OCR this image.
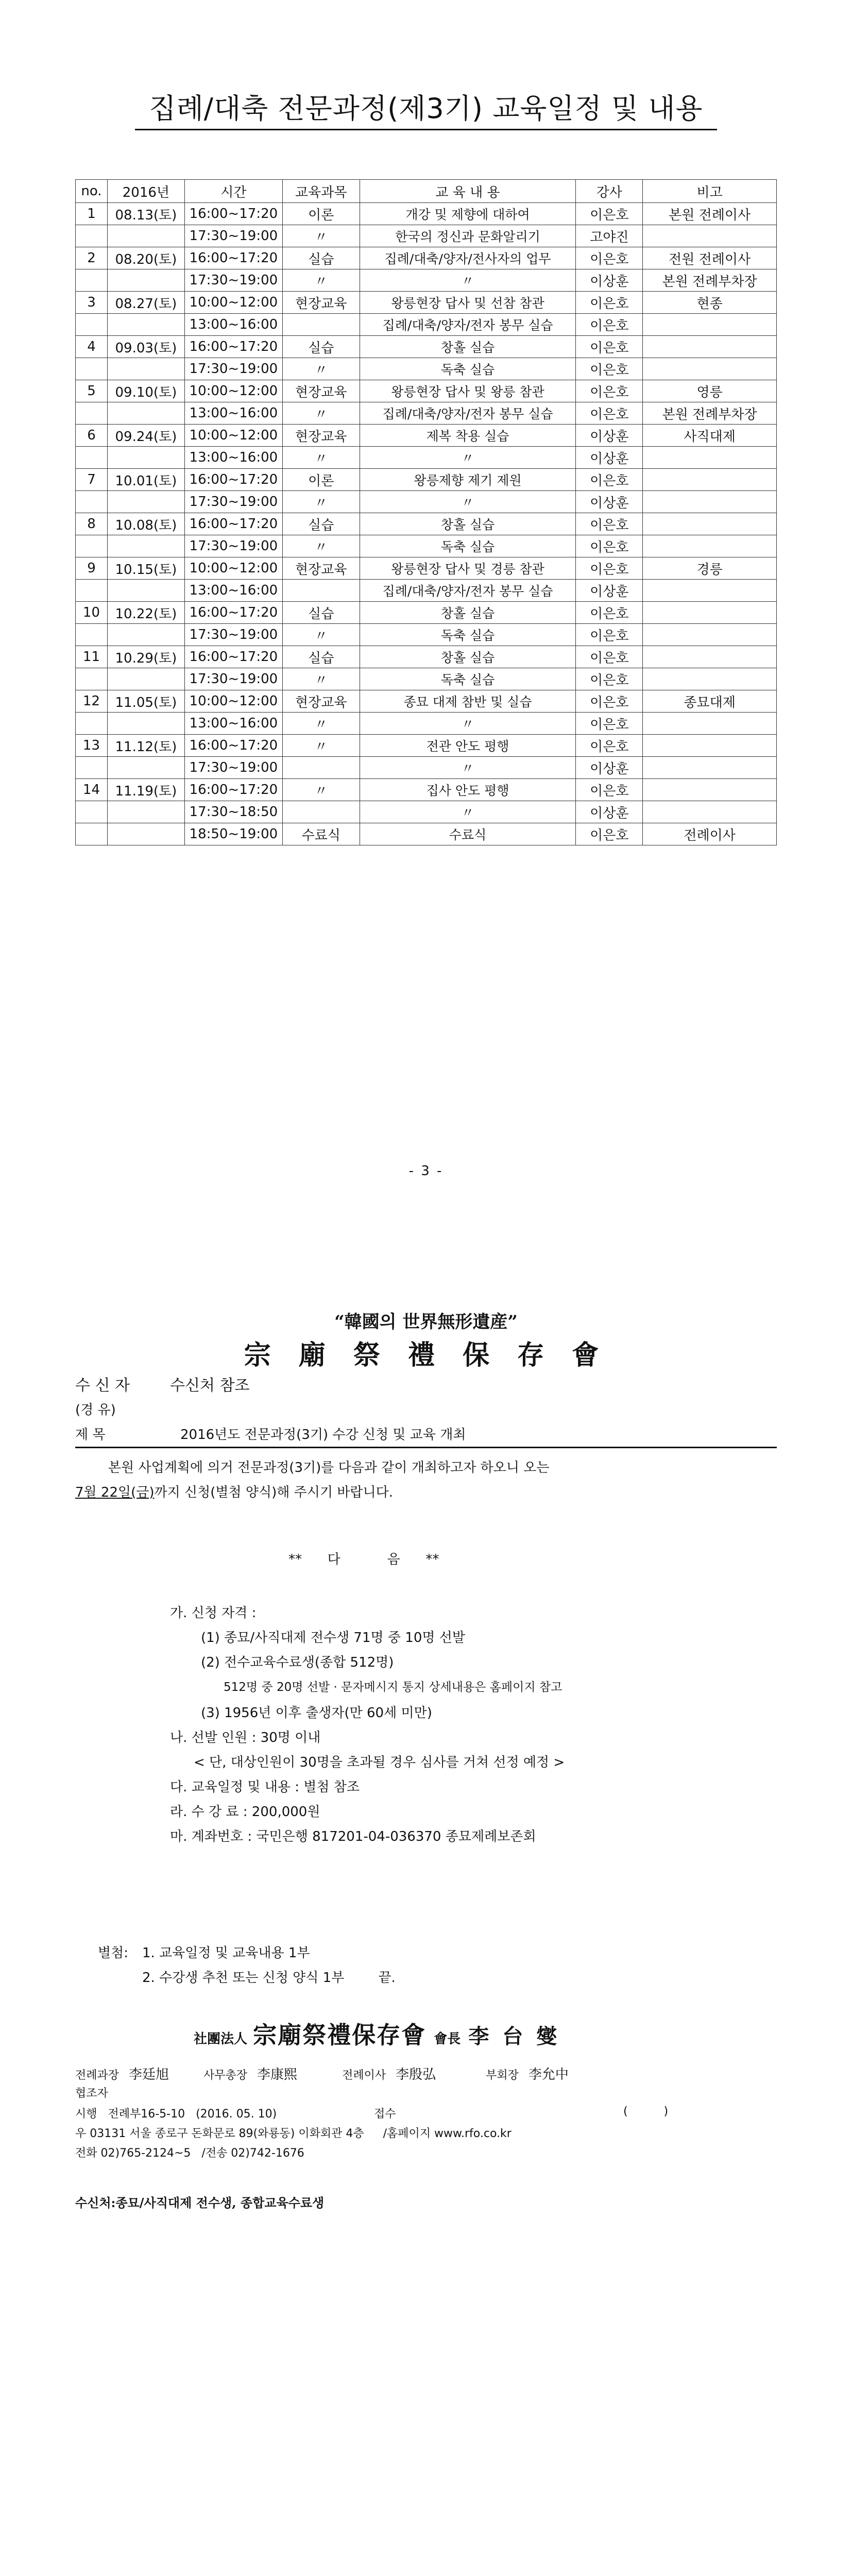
집례/대축 전문과정(제3기) 교육일정 및 내용
no.	2016년	시간	교육과목	교 육 내 용	강사	비고
1	08.13(토)	16:00~17:20	이론	개강 및 제향에 대하여	이은호	본원 전례이사
		17:30~19:00	〃	한국의 정신과 문화알리기	고야진	
2	08.20(토)	16:00~17:20	실습	집례/대축/양자/전사자의 업무	이은호	전원 전례이사
		17:30~19:00	〃	〃	이상훈	본원 전례부차장
3	08.27(토)	10:00~12:00	현장교육	왕릉현장 답사 및 선참 참관	이은호	현종
		13:00~16:00		집례/대축/양자/전자 봉무 실습	이은호	
4	09.03(토)	16:00~17:20	실습	창홀 실습	이은호	
		17:30~19:00	〃	독축 실습	이은호	
5	09.10(토)	10:00~12:00	현장교육	왕릉현장 답사 및 왕릉 참관	이은호	영릉
		13:00~16:00	〃	집례/대축/양자/전자 봉무 실습	이은호	본원 전례부차장
6	09.24(토)	10:00~12:00	현장교육	제복 착용 실습	이상훈	사직대제
		13:00~16:00	〃	〃	이상훈	
7	10.01(토)	16:00~17:20	이론	왕릉제향 제기 제원	이은호	
		17:30~19:00	〃	〃	이상훈	
8	10.08(토)	16:00~17:20	실습	창홀 실습	이은호	
		17:30~19:00	〃	독축 실습	이은호	
9	10.15(토)	10:00~12:00	현장교육	왕릉현장 답사 및 경릉 참관	이은호	경릉
		13:00~16:00		집례/대축/양자/전자 봉무 실습	이상훈	
10	10.22(토)	16:00~17:20	실습	창홀 실습	이은호	
		17:30~19:00	〃	독축 실습	이은호	
11	10.29(토)	16:00~17:20	실습	창홀 실습	이은호	
		17:30~19:00	〃	독축 실습	이은호	
12	11.05(토)	10:00~12:00	현장교육	종묘 대제 참반 및 실습	이은호	종묘대제
		13:00~16:00	〃	〃	이은호	
13	11.12(토)	16:00~17:20	〃	전관 안도 평행	이은호	
		17:30~19:00		〃	이상훈	
14	11.19(토)	16:00~17:20	〃	집사 안도 평행	이은호	
		17:30~18:50		〃	이상훈	
		18:50~19:00	수료식	수료식	이은호	전례이사
- 3 -
“韓國의 世界無形遺産”
宗 廟 祭 禮 保 存 會
수 신 자	수신처 참조
(경 유)
제 목	2016년도 전문과정(3기) 수강 신청 및 교육 개최
본원 사업계획에 의거 전문과정(3기)를 다음과 같이 개최하고자 하오니 오는
7월 22일(금)까지 신청(별첨 양식)해 주시기 바랍니다.
**      다           음      **
가. 신청 자격 :
(1) 종묘/사직대제 전수생 71명 중 10명 선발
(2) 전수교육수료생(종합 512명)
512명 중 20명 선발 · 문자메시지 통지 상세내용은 홈페이지 참고
(3) 1956년 이후 출생자(만 60세 미만)
나. 선발 인원 : 30명 이내
< 단, 대상인원이 30명을 초과될 경우 심사를 거쳐 선정 예정 >
다. 교육일정 및 내용 : 별첨 참조
라. 수 강 료 : 200,000원
마. 계좌번호 : 국민은행 817201-04-036370 종묘제례보존회
별첨: 1. 교육일정 및 교육내용 1부
2. 수강생 추천 또는 신청 양식 1부        끝.
社團法人 宗廟祭禮保存會 會長 李 台 燮
전례과장 李廷旭	사무총장 李康熙	전례이사 李殷弘	부회장 李允中
협조자
시행   전례부16-5-10   (2016. 05. 10)	접수	(          )
우 03131 서울 종로구 돈화문로 89(와룡동) 이화회관 4층 /홈페이지 www.rfo.co.kr
전화 02)765-2124~5   /전송 02)742-1676
수신처:종묘/사직대제 전수생, 종합교육수료생
